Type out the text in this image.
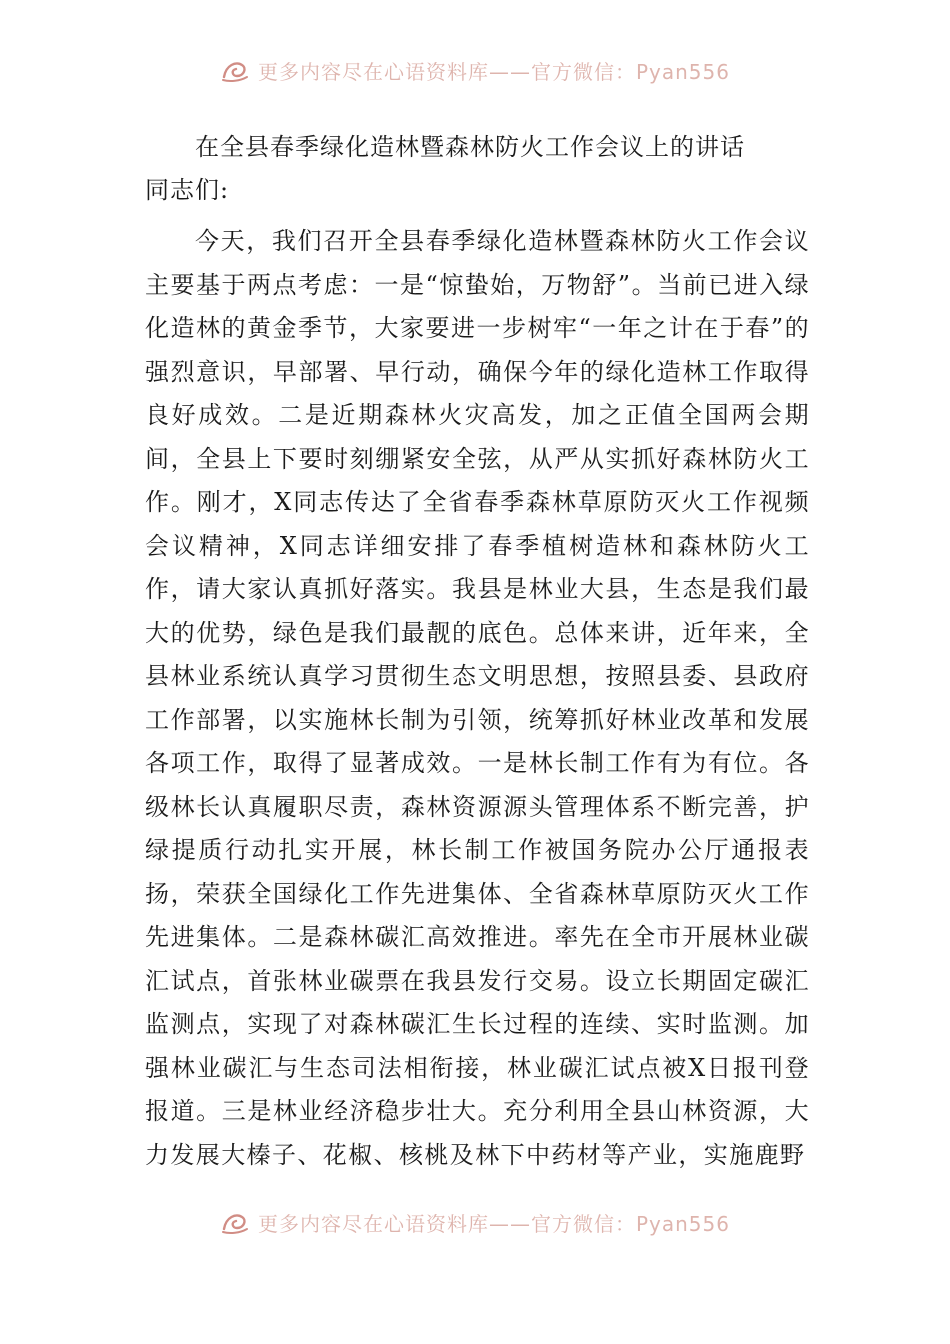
更多内容尽在心语资料库——官方微信：Pyan556
在全县春季绿化造林暨森林防火工作会议上的讲话

同志们:

今天，我们召开全县春季绿化造林暨森林防火工作会议主要基于两点考虑：一是“惊蛰始，万物舒”。当前已进入绿化造林的黄金季节，大家要进一步树牢“一年之计在于春”的强烈意识，早部署、早行动，确保今年的绿化造林工作取得良好成效。二是近期森林火灾高发，加之正值全国两会期间，全县上下要时刻绷紧安全弦，从严从实抓好森林防火工作。刚才，X同志传达了全省春季森林草原防灭火工作视频会议精神，X同志详细安排了春季植树造林和森林防火工作，请大家认真抓好落实。我县是林业大县，生态是我们最大的优势，绿色是我们最靓的底色。总体来讲，近年来，全县林业系统认真学习贯彻生态文明思想，按照县委、县政府工作部署，以实施林长制为引领，统筹抓好林业改革和发展各项工作，取得了显著成效。一是林长制工作有为有位。各级林长认真履职尽责，森林资源源头管理体系不断完善，护绿提质行动扎实开展，林长制工作被国务院办公厅通报表扬，荣获全国绿化工作先进集体、全省森林草原防灭火工作先进集体。二是森林碳汇高效推进。率先在全市开展林业碳汇试点，首张林业碳票在我县发行交易。设立长期固定碳汇监测点，实现了对森林碳汇生长过程的连续、实时监测。加强林业碳汇与生态司法相衔接，林业碳汇试点被X日报刊登报道。三是林业经济稳步壮大。充分利用全县山林资源，大力发展大榛子、花椒、核桃及林下中药材等产业，实施鹿野

更多内容尽在心语资料库——官方微信：Pyan556
